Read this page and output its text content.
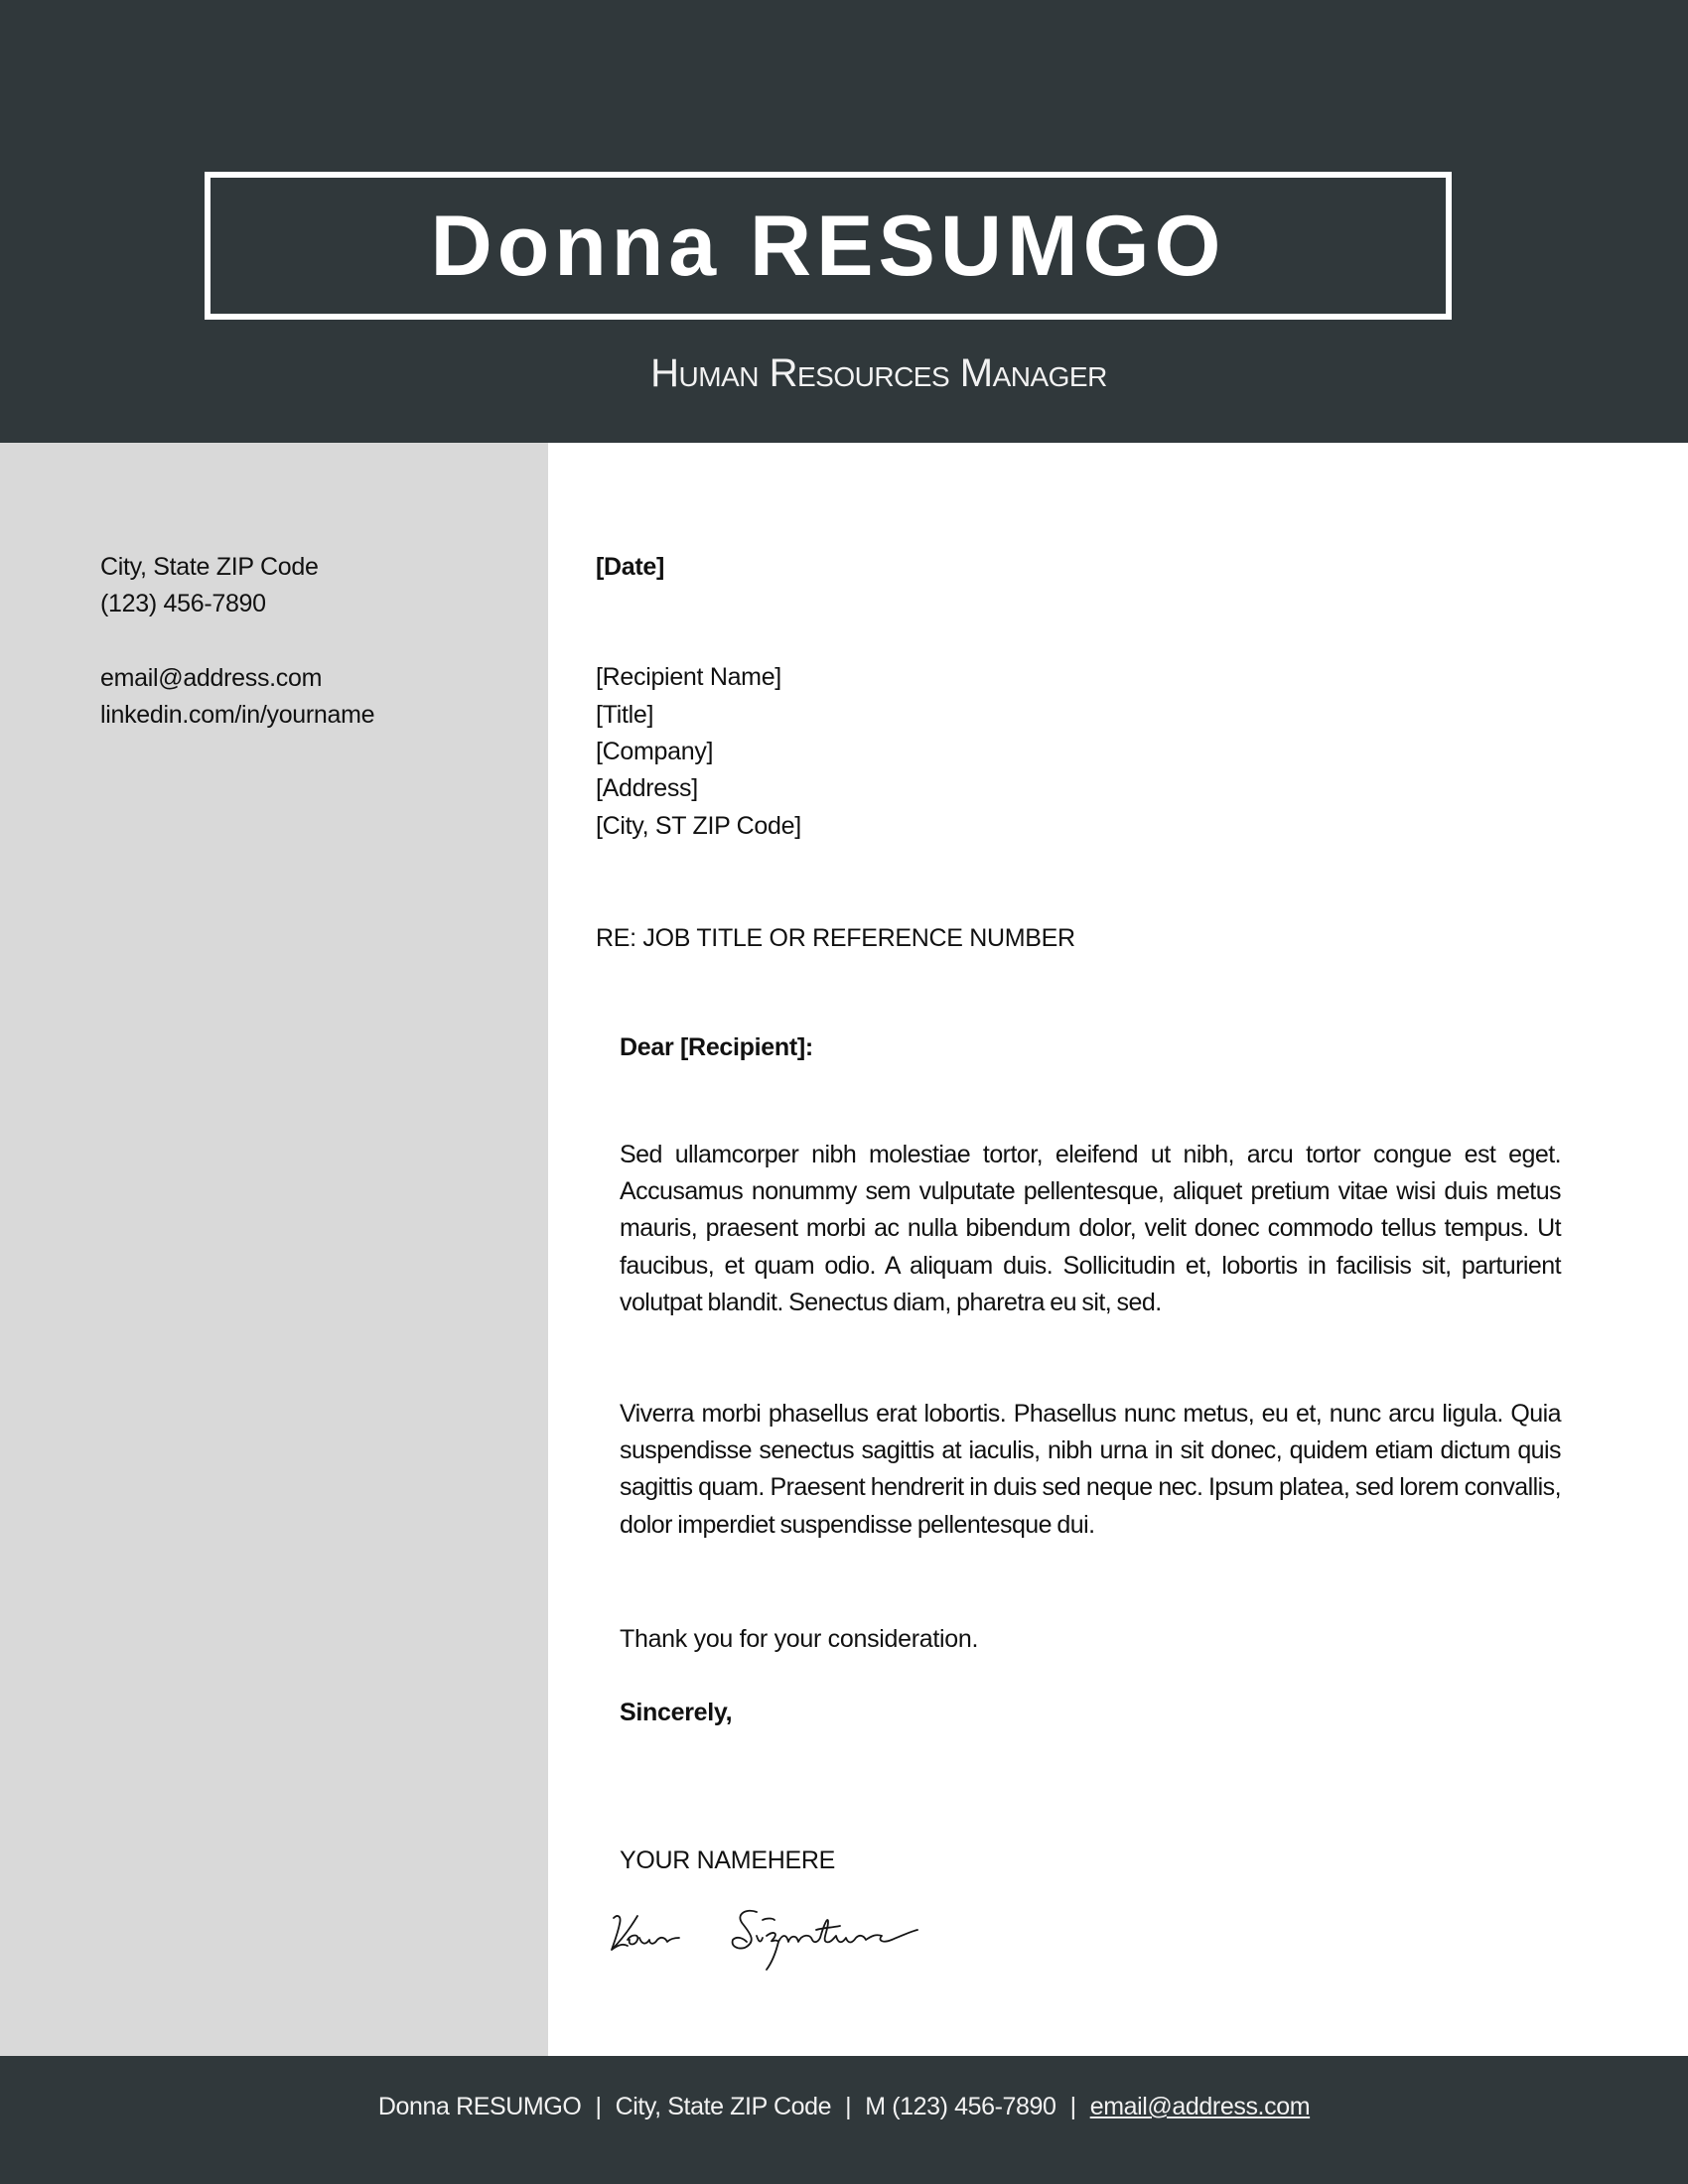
Donna RESUMGO
Human Resources Manager
City, State ZIP Code
(123) 456-7890
email@address.com
linkedin.com/in/yourname
[Date]
[Recipient Name]
[Title]
[Company]
[Address]
[City, ST ZIP Code]
RE: JOB TITLE OR REFERENCE NUMBER
Dear [Recipient]:

Sed ullamcorper nibh molestiae tortor, eleifend ut nibh, arcu tortor congue est eget. Accusamus nonummy sem vulputate pellentesque, aliquet pretium vitae wisi duis metus mauris, praesent morbi ac nulla bibendum dolor, velit donec commodo tellus tempus. Ut faucibus, et quam odio. A aliquam duis. Sollicitudin et, lobortis in facilisis sit, parturient volutpat blandit. Senectus diam, pharetra eu sit, sed.

Viverra morbi phasellus erat lobortis. Phasellus nunc metus, eu et, nunc arcu ligula. Quia suspendisse senectus sagittis at iaculis, nibh urna in sit donec, quidem etiam dictum quis sagittis quam. Praesent hendrerit in duis sed neque nec. Ipsum platea, sed lorem convallis, dolor imperdiet suspendisse pellentesque dui.

Thank you for your consideration.
Sincerely,
YOUR NAMEHERE
Donna RESUMGO | City, State ZIP Code | M (123) 456-7890 | email@address.com
